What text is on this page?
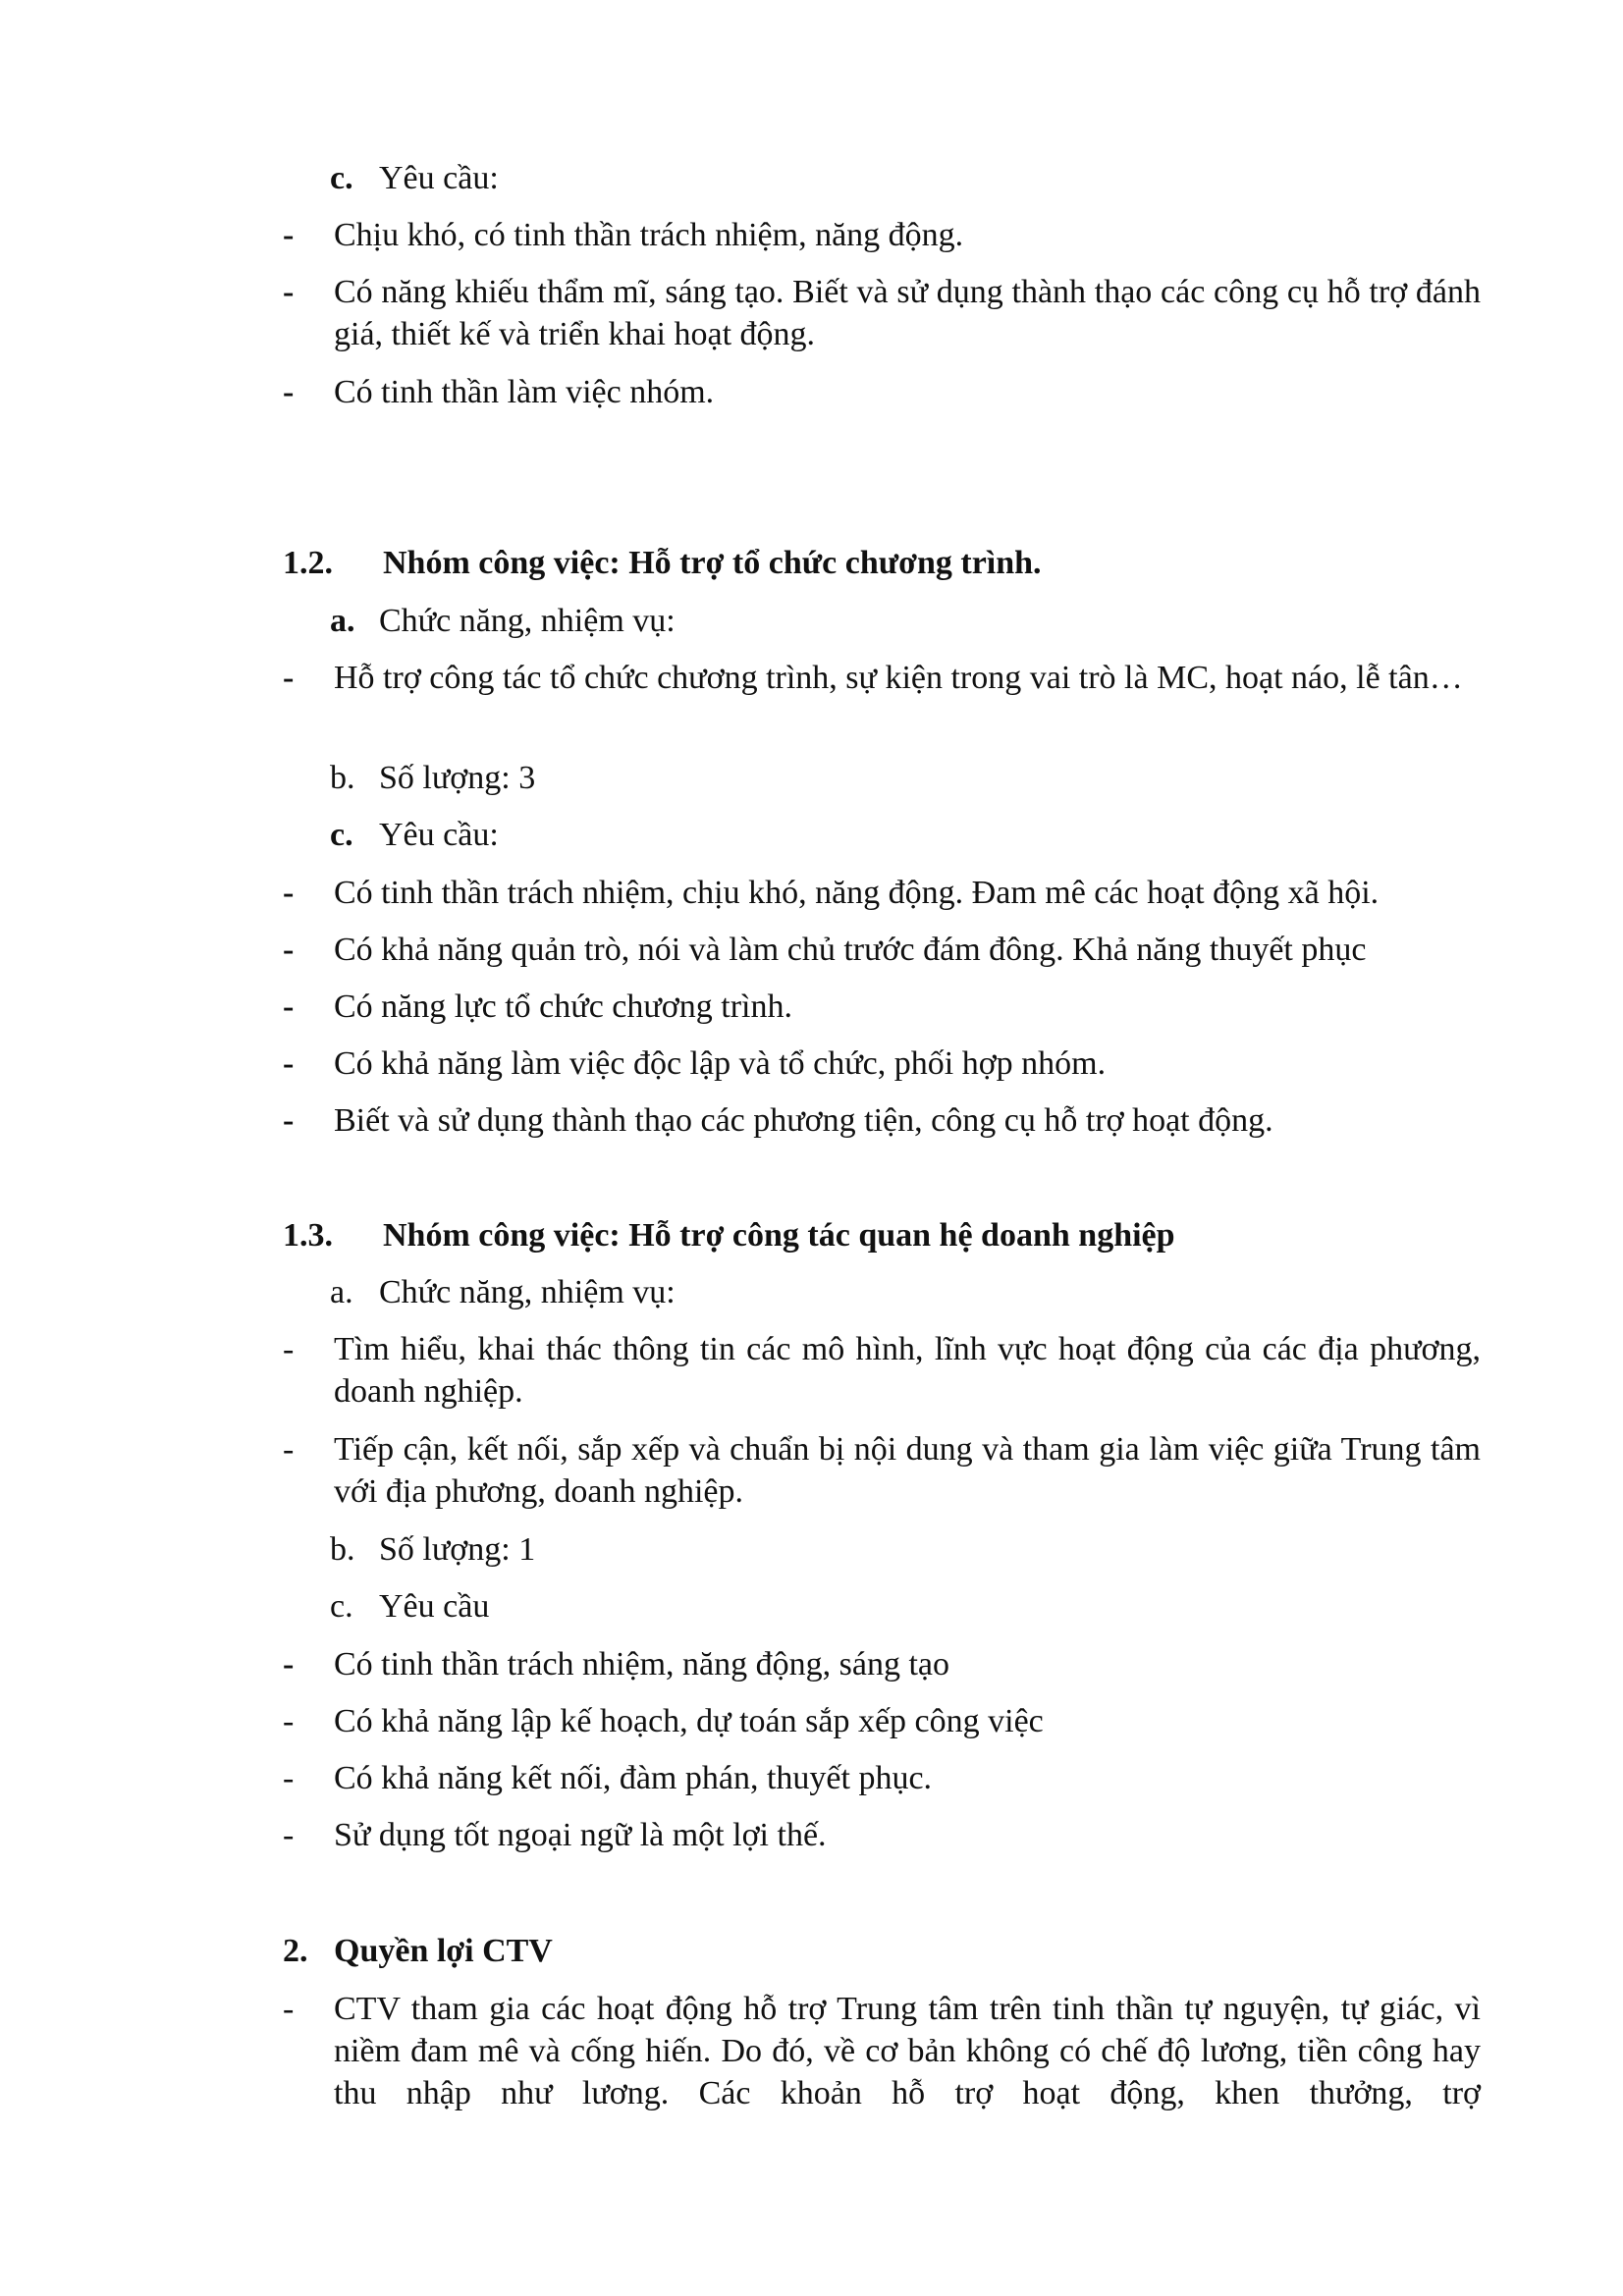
c. Yêu cầu:
- Chịu khó, có tinh thần trách nhiệm, năng động.
- Có năng khiếu thẩm mĩ, sáng tạo. Biết và sử dụng thành thạo các công cụ hỗ trợ đánh giá, thiết kế và triển khai hoạt động.
- Có tinh thần làm việc nhóm.
1.2. Nhóm công việc: Hỗ trợ tổ chức chương trình.
a. Chức năng, nhiệm vụ:
- Hỗ trợ công tác tổ chức chương trình, sự kiện trong vai trò là MC, hoạt náo, lễ tân…
b. Số lượng: 3
c. Yêu cầu:
- Có tinh thần trách nhiệm, chịu khó, năng động. Đam mê các hoạt động xã hội.
- Có khả năng quản trò, nói và làm chủ trước đám đông. Khả năng thuyết phục
- Có năng lực tổ chức chương trình.
- Có khả năng làm việc độc lập và tổ chức, phối hợp nhóm.
- Biết và sử dụng thành thạo các phương tiện, công cụ hỗ trợ hoạt động.
1.3. Nhóm công việc: Hỗ trợ công tác quan hệ doanh nghiệp
a. Chức năng, nhiệm vụ:
- Tìm hiểu, khai thác thông tin các mô hình, lĩnh vực hoạt động của các địa phương, doanh nghiệp.
- Tiếp cận, kết nối, sắp xếp và chuẩn bị nội dung và tham gia làm việc giữa Trung tâm với địa phương, doanh nghiệp.
b. Số lượng: 1
c. Yêu cầu
- Có tinh thần trách nhiệm, năng động, sáng tạo
- Có khả năng lập kế hoạch, dự toán sắp xếp công việc
- Có khả năng kết nối, đàm phán, thuyết phục.
- Sử dụng tốt ngoại ngữ là một lợi thế.
2. Quyền lợi CTV
- CTV tham gia các hoạt động hỗ trợ Trung tâm trên tinh thần tự nguyện, tự giác, vì niềm đam mê và cống hiến. Do đó, về cơ bản không có chế độ lương, tiền công hay thu nhập như lương. Các khoản hỗ trợ hoạt động, khen thưởng, trợ
